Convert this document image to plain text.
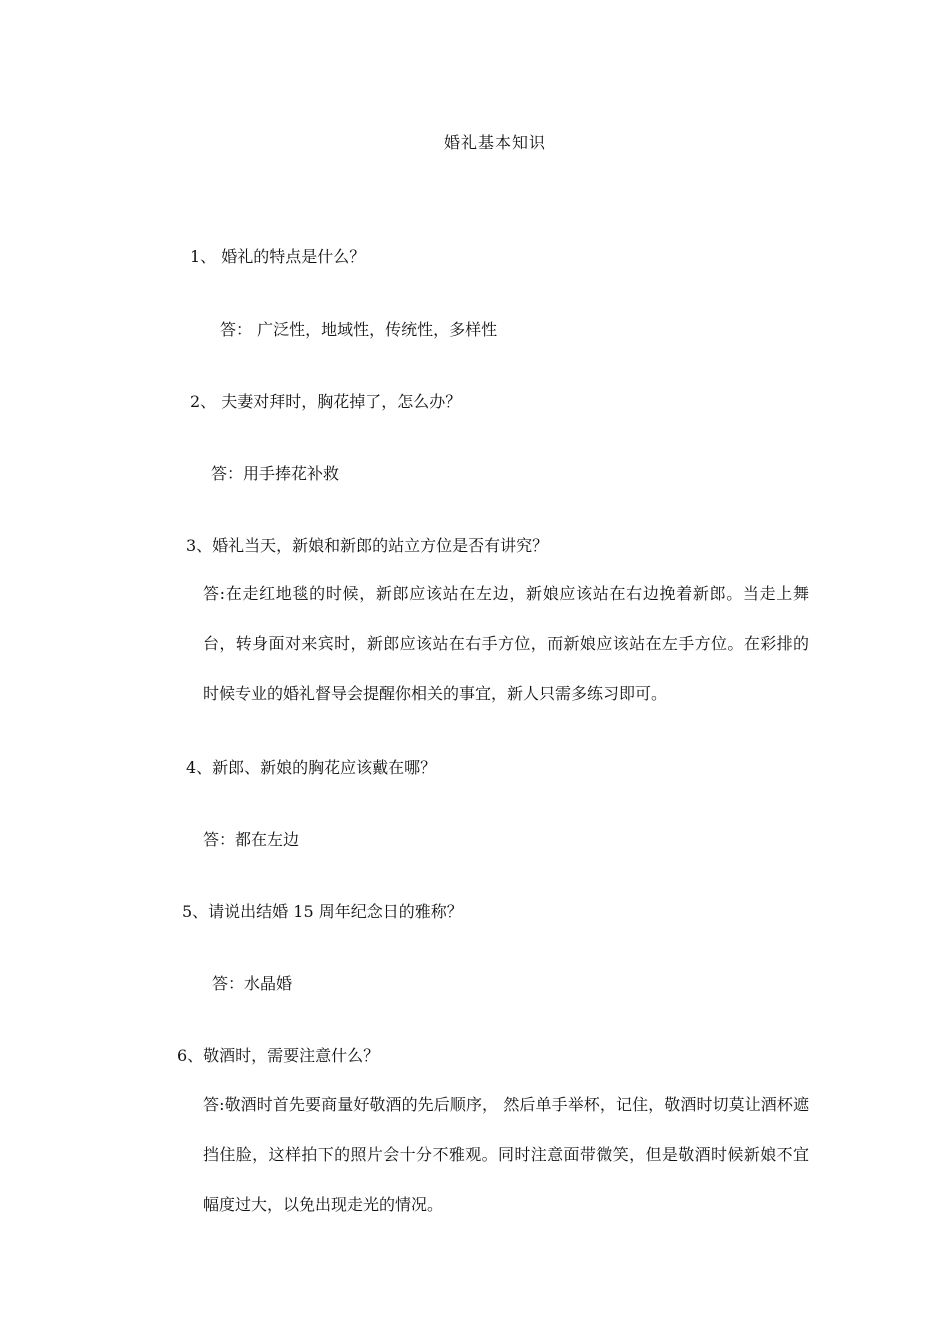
婚礼基本知识
1、 婚礼的特点是什么？
答： 广泛性，地域性，传统性，多样性
2、 夫妻对拜时，胸花掉了，怎么办？
答：用手捧花补救
3、婚礼当天，新娘和新郎的站立方位是否有讲究？

答:在走红地毯的时候，新郎应该站在左边，新娘应该站在右边挽着新郎。当走上舞台，转身面对来宾时，新郎应该站在右手方位，而新娘应该站在左手方位。在彩排的时候专业的婚礼督导会提醒你相关的事宜，新人只需多练习即可。

4、新郎、新娘的胸花应该戴在哪？
答：都在左边
5、请说出结婚 15 周年纪念日的雅称？
答：水晶婚
6、敬酒时，需要注意什么？

答:敬酒时首先要商量好敬酒的先后顺序， 然后单手举杯，记住，敬酒时切莫让酒杯遮挡住脸，这样拍下的照片会十分不雅观。同时注意面带微笑，但是敬酒时候新娘不宜幅度过大，以免出现走光的情况。
